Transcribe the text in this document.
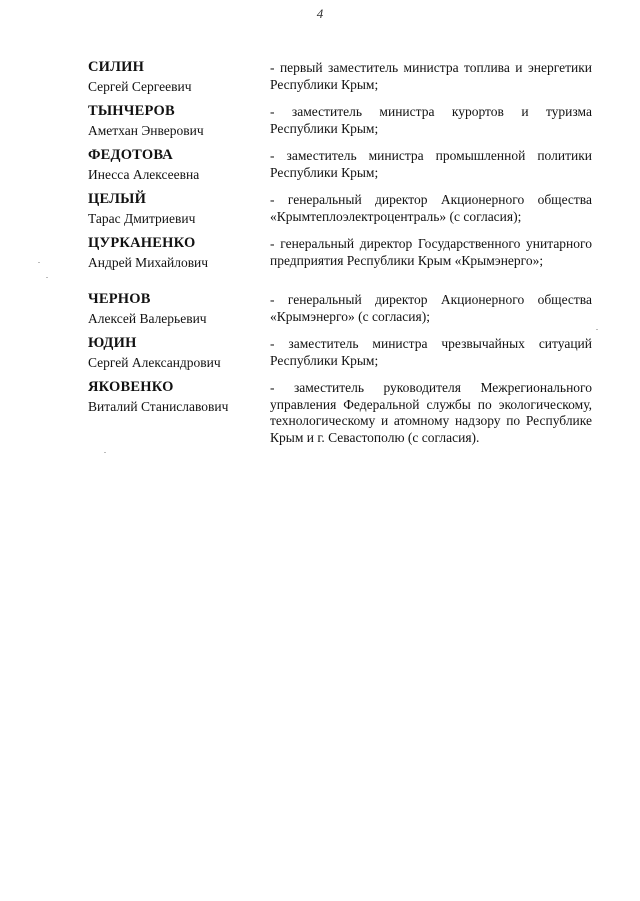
4
СИЛИН
Сергей Сергеевич
- первый заместитель министра топлива и энергетики Республики Крым;
ТЫНЧЕРОВ
Аметхан Энверович
- заместитель министра курортов и туризма Республики Крым;
ФЕДОТОВА
Инесса Алексеевна
- заместитель министра промышленной политики Республики Крым;
ЦЕЛЫЙ
Тарас Дмитриевич
- генеральный директор Акционерного общества «Крымтеплоэлектроцентраль» (с согласия);
ЦУРКАНЕНКО
Андрей Михайлович
- генеральный директор Государственного унитарного предприятия Республики Крым «Крымэнерго»;
ЧЕРНОВ
Алексей Валерьевич
- генеральный директор Акционерного общества «Крымэнерго» (с согласия);
ЮДИН
Сергей Александрович
- заместитель министра чрезвычайных ситуаций Республики Крым;
ЯКОВЕНКО
Виталий Станиславович
- заместитель руководителя Межрегионального управления Федеральной службы по экологическому, технологическому и атомному надзору по Республике Крым и г. Севастополю (с согласия).
